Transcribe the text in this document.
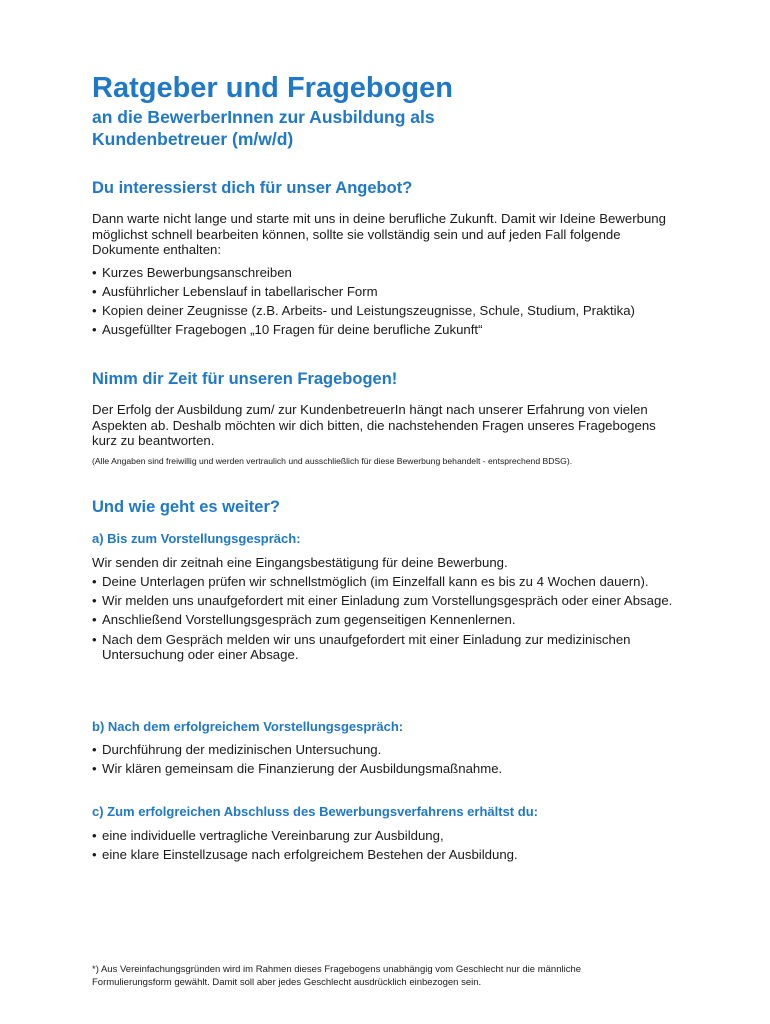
Ratgeber und Fragebogen
an die BewerberInnen zur Ausbildung als Kundenbetreuer (m/w/d)
Du interessierst dich für unser Angebot?
Dann warte nicht lange und starte mit uns in deine berufliche Zukunft. Damit wir Ideine Bewerbung möglichst schnell bearbeiten können, sollte sie vollständig sein und auf jeden Fall folgende Dokumente enthalten:
• Kurzes Bewerbungsanschreiben
• Ausführlicher Lebenslauf in tabellarischer Form
• Kopien deiner Zeugnisse (z.B. Arbeits- und Leistungszeugnisse, Schule, Studium, Praktika)
• Ausgefüllter Fragebogen „10 Fragen für deine berufliche Zukunft“
Nimm dir Zeit für unseren Fragebogen!
Der Erfolg der Ausbildung zum/ zur KundenbetreuerIn hängt nach unserer Erfahrung von vielen Aspekten ab. Deshalb möchten wir dich bitten, die nachstehenden Fragen unseres Fragebogens kurz zu beantworten.
(Alle Angaben sind freiwillig und werden vertraulich und ausschließlich für diese Bewerbung behandelt - entsprechend BDSG).
Und wie geht es weiter?
a) Bis zum Vorstellungsgespräch:
Wir senden dir zeitnah eine Eingangsbestätigung für deine Bewerbung.
• Deine Unterlagen prüfen wir schnellstmöglich (im Einzelfall kann es bis zu 4 Wochen dauern).
• Wir melden uns unaufgefordert mit einer Einladung zum Vorstellungsgespräch oder einer Absage.
• Anschließend Vorstellungsgespräch zum gegenseitigen Kennenlernen.
• Nach dem Gespräch melden wir uns unaufgefordert mit einer Einladung zur medizinischen Untersuchung oder einer Absage.
b) Nach dem erfolgreichem Vorstellungsgespräch:
• Durchführung der medizinischen Untersuchung.
• Wir klären gemeinsam die Finanzierung der Ausbildungsmaßnahme.
c) Zum erfolgreichen Abschluss des Bewerbungsverfahrens erhältst du:
• eine individuelle vertragliche Vereinbarung zur Ausbildung,
• eine klare Einstellzusage nach erfolgreichem Bestehen der Ausbildung.
*) Aus Vereinfachungsgründen wird im Rahmen dieses Fragebogens unabhängig vom Geschlecht nur die männliche Formulierungsform gewählt. Damit soll aber jedes Geschlecht ausdrücklich einbezogen sein.
